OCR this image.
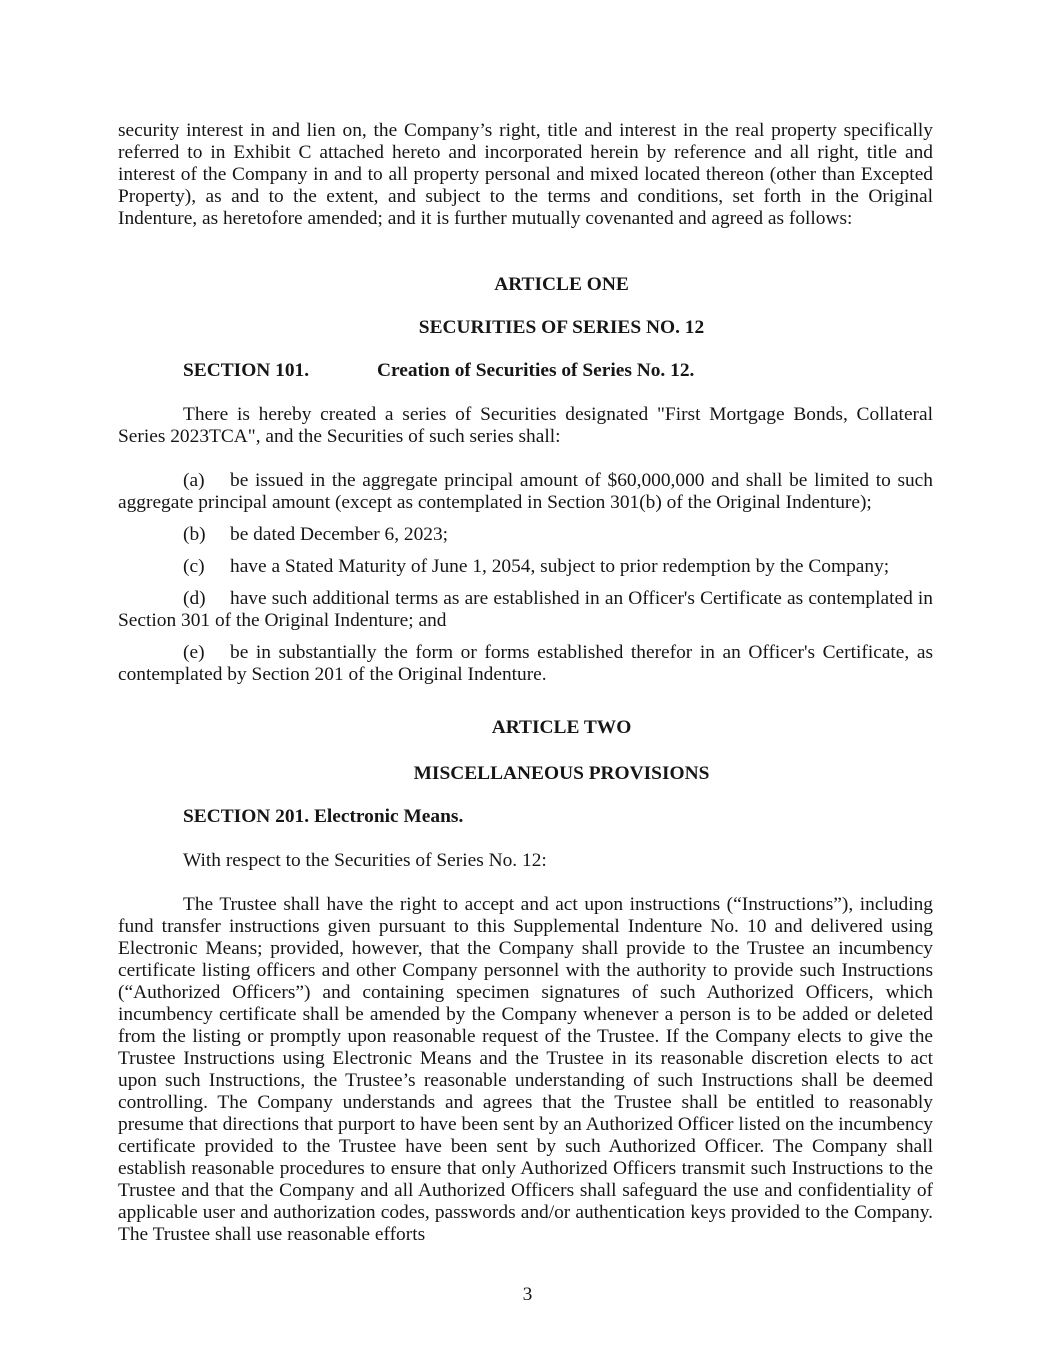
security interest in and lien on, the Company’s right, title and interest in the real property specifically referred to in Exhibit C attached hereto and incorporated herein by reference and all right, title and interest of the Company in and to all property personal and mixed located thereon (other than Excepted Property), as and to the extent, and subject to the terms and conditions, set forth in the Original Indenture, as heretofore amended; and it is further mutually covenanted and agreed as follows:

ARTICLE ONE

SECURITIES OF SERIES NO. 12

SECTION 101.	Creation of Securities of Series No. 12.

There is hereby created a series of Securities designated "First Mortgage Bonds, Collateral Series 2023TCA", and the Securities of such series shall:

(a) be issued in the aggregate principal amount of $60,000,000 and shall be limited to such aggregate principal amount (except as contemplated in Section 301(b) of the Original Indenture);

(b) be dated December 6, 2023;

(c) have a Stated Maturity of June 1, 2054, subject to prior redemption by the Company;

(d) have such additional terms as are established in an Officer's Certificate as contemplated in Section 301 of the Original Indenture; and

(e) be in substantially the form or forms established therefor in an Officer's Certificate, as contemplated by Section 201 of the Original Indenture.

ARTICLE TWO

MISCELLANEOUS PROVISIONS

SECTION 201. Electronic Means.

With respect to the Securities of Series No. 12:

The Trustee shall have the right to accept and act upon instructions (“Instructions”), including fund transfer instructions given pursuant to this Supplemental Indenture No. 10 and delivered using Electronic Means; provided, however, that the Company shall provide to the Trustee an incumbency certificate listing officers and other Company personnel with the authority to provide such Instructions (“Authorized Officers”) and containing specimen signatures of such Authorized Officers, which incumbency certificate shall be amended by the Company whenever a person is to be added or deleted from the listing or promptly upon reasonable request of the Trustee. If the Company elects to give the Trustee Instructions using Electronic Means and the Trustee in its reasonable discretion elects to act upon such Instructions, the Trustee’s reasonable understanding of such Instructions shall be deemed controlling. The Company understands and agrees that the Trustee shall be entitled to reasonably presume that directions that purport to have been sent by an Authorized Officer listed on the incumbency certificate provided to the Trustee have been sent by such Authorized Officer. The Company shall establish reasonable procedures to ensure that only Authorized Officers transmit such Instructions to the Trustee and that the Company and all Authorized Officers shall safeguard the use and confidentiality of applicable user and authorization codes, passwords and/or authentication keys provided to the Company. The Trustee shall use reasonable efforts

3
